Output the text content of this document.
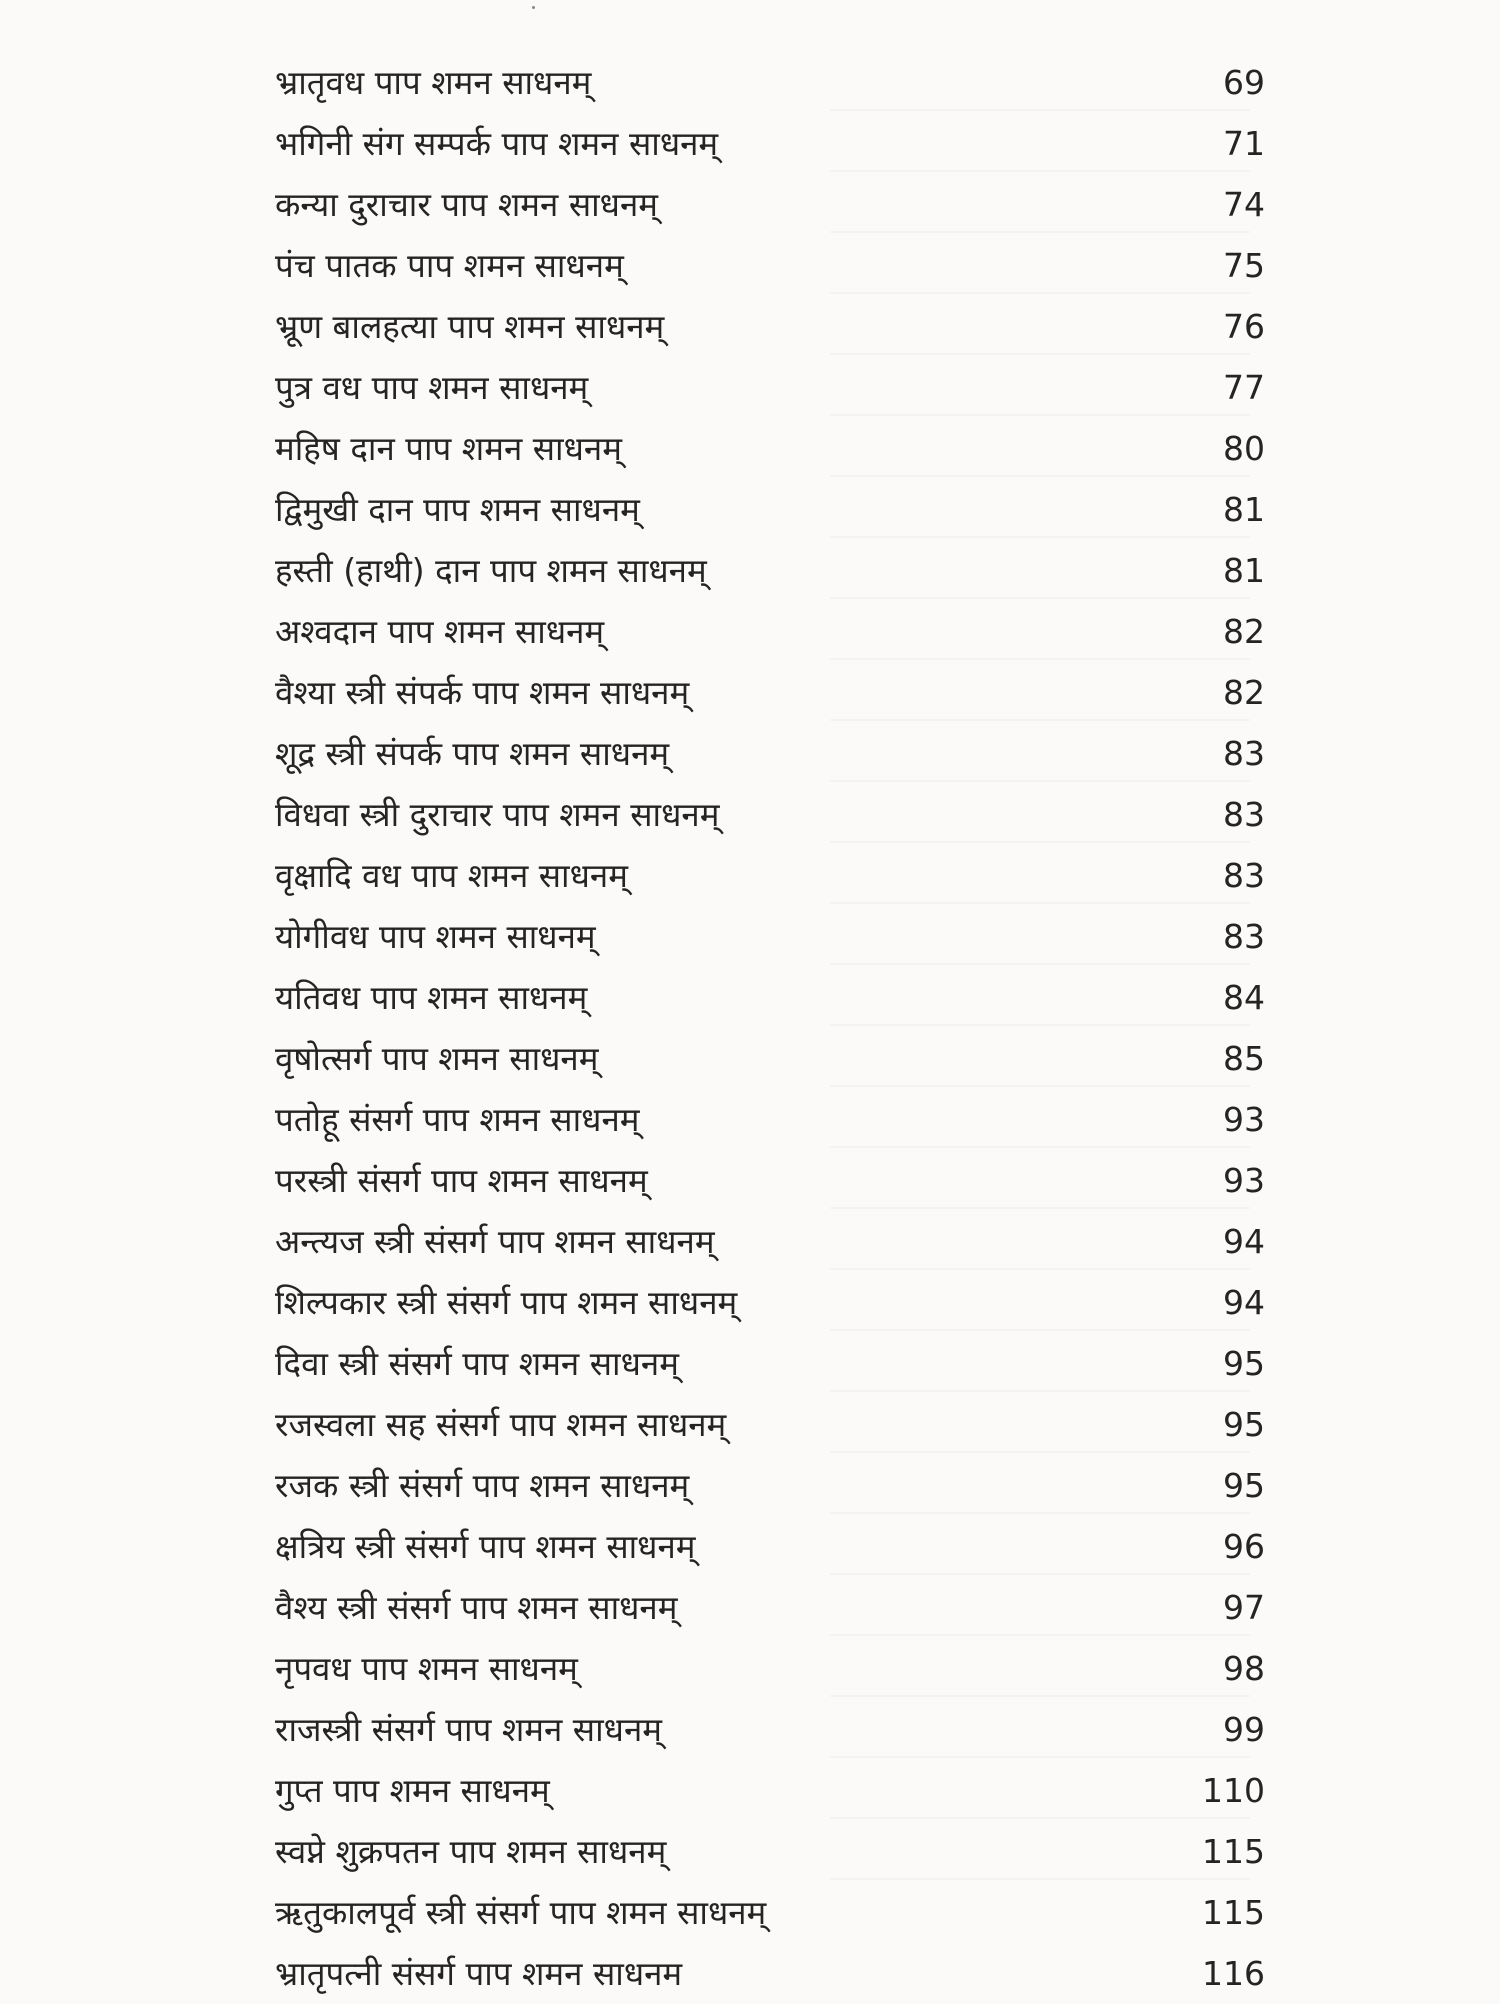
भ्रातृवध पाप शमन साधनम्	69
भगिनी संग सम्पर्क पाप शमन साधनम्	71
कन्या दुराचार पाप शमन साधनम्	74
पंच पातक पाप शमन साधनम्	75
भ्रूण बालहत्या पाप शमन साधनम्	76
पुत्र वध पाप शमन साधनम्	77
महिष दान पाप शमन साधनम्	80
द्विमुखी दान पाप शमन साधनम्	81
हस्ती (हाथी) दान पाप शमन साधनम्	81
अश्वदान पाप शमन साधनम्	82
वैश्या स्त्री संपर्क पाप शमन साधनम्	82
शूद्र स्त्री संपर्क पाप शमन साधनम्	83
विधवा स्त्री दुराचार पाप शमन साधनम्	83
वृक्षादि वध पाप शमन साधनम्	83
योगीवध पाप शमन साधनम्	83
यतिवध पाप शमन साधनम्	84
वृषोत्सर्ग पाप शमन साधनम्	85
पतोहू संसर्ग पाप शमन साधनम्	93
परस्त्री संसर्ग पाप शमन साधनम्	93
अन्त्यज स्त्री संसर्ग पाप शमन साधनम्	94
शिल्पकार स्त्री संसर्ग पाप शमन साधनम्	94
दिवा स्त्री संसर्ग पाप शमन साधनम्	95
रजस्वला सह संसर्ग पाप शमन साधनम्	95
रजक स्त्री संसर्ग पाप शमन साधनम्	95
क्षत्रिय स्त्री संसर्ग पाप शमन साधनम्	96
वैश्य स्त्री संसर्ग पाप शमन साधनम्	97
नृपवध पाप शमन साधनम्	98
राजस्त्री संसर्ग पाप शमन साधनम्	99
गुप्त पाप शमन साधनम्	110
स्वप्ने शुक्रपतन पाप शमन साधनम्	115
ऋतुकालपूर्व स्त्री संसर्ग पाप शमन साधनम्	115
भ्रातृपत्नी संसर्ग पाप शमन साधनम	116
